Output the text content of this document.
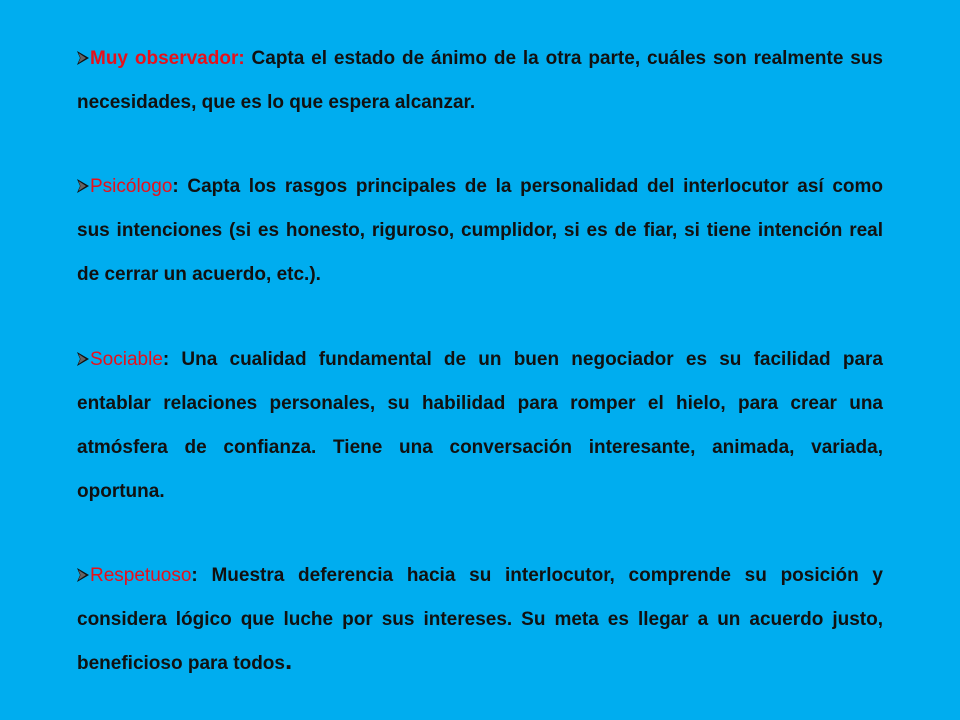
Muy observador: Capta el estado de ánimo de la otra parte, cuáles son realmente sus necesidades, que es lo que espera alcanzar.

Psicólogo: Capta los rasgos principales de la personalidad del interlocutor así como sus intenciones (si es honesto, riguroso, cumplidor, si es de fiar, si tiene intención real de cerrar un acuerdo, etc.).

Sociable: Una cualidad fundamental de un buen negociador es su facilidad para entablar relaciones personales, su habilidad para romper el hielo, para crear una atmósfera de confianza. Tiene una conversación interesante, animada, variada, oportuna.

Respetuoso: Muestra deferencia hacia su interlocutor, comprende su posición y considera lógico que luche por sus intereses. Su meta es llegar a un acuerdo justo, beneficioso para todos.
